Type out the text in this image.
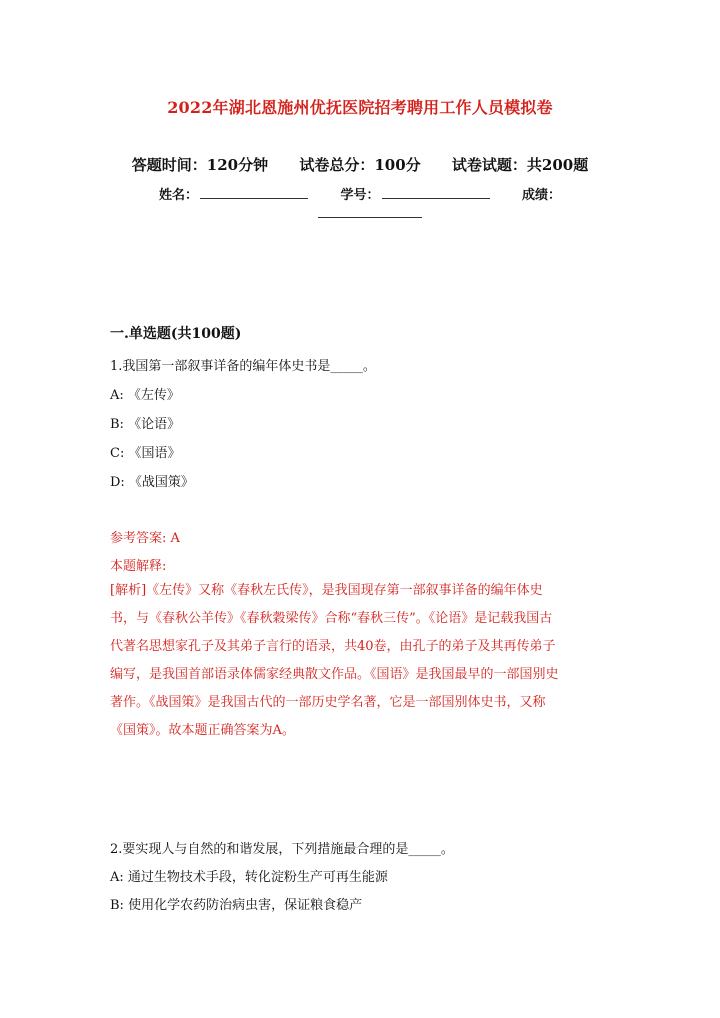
2022年湖北恩施州优抚医院招考聘用工作人员模拟卷
答题时间：120分钟 试卷总分：100分 试卷试题：共200题
姓名：	学号：	成绩：
一.单选题(共100题)
1.我国第一部叙事详备的编年体史书是_____。
A: 《左传》
B: 《论语》
C: 《国语》
D: 《战国策》
参考答案: A
本题解释:
[解析]《左传》又称《春秋左氏传》，是我国现存第一部叙事详备的编年体史
书，与《春秋公羊传》《春秋穀梁传》合称“春秋三传”。《论语》是记载我国古
代著名思想家孔子及其弟子言行的语录，共40卷，由孔子的弟子及其再传弟子
编写，是我国首部语录体儒家经典散文作品。《国语》是我国最早的一部国别史
著作。《战国策》是我国古代的一部历史学名著，它是一部国别体史书，又称
《国策》。故本题正确答案为A。
2.要实现人与自然的和谐发展，下列措施最合理的是_____。
A: 通过生物技术手段，转化淀粉生产可再生能源
B: 使用化学农药防治病虫害，保证粮食稳产
